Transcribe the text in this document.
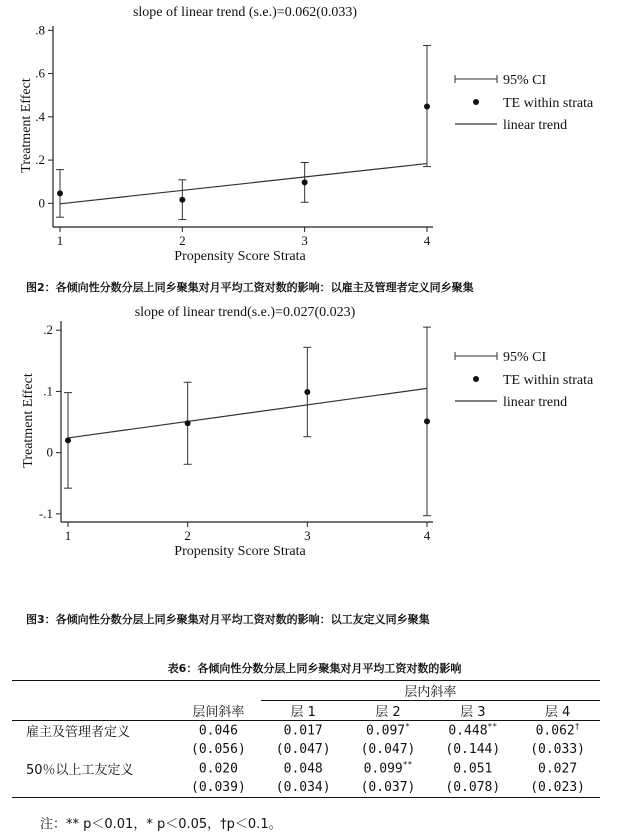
slope of linear trend (s.e.)=0.062(0.033)
0
.2
.4
.6
.8
1	2	3	4
Propensity Score Strata
Treatment Effect	95% CI
TE within strata
linear trend
图2：各倾向性分数分层上同乡聚集对月平均工资对数的影响：以雇主及管理者定义同乡聚集
slope of linear trend(s.e.)=0.027(0.023)
-.1
0
.1
.2
1	2	3	4
Propensity Score Strata
Treatment Effect
95% CI
TE within strata
linear trend
图3：各倾向性分数分层上同乡聚集对月平均工资对数的影响：以工友定义同乡聚集
表6：各倾向性分数分层上同乡聚集对月平均工资对数的影响
		层内斜率			
	层间斜率	层 1	层 2	层 3	层 4
雇主及管理者定义	0.046	0.017	0.097*	0.448**	0.062†
	(0.056)	(0.047)	(0.047)	(0.144)	(0.033)
50％以上工友定义	0.020	0.048	0.099**	0.051	0.027
	(0.039)	(0.034)	(0.037)	(0.078)	(0.023)
注：** p＜0.01，* p＜0.05，†p＜0.1。
